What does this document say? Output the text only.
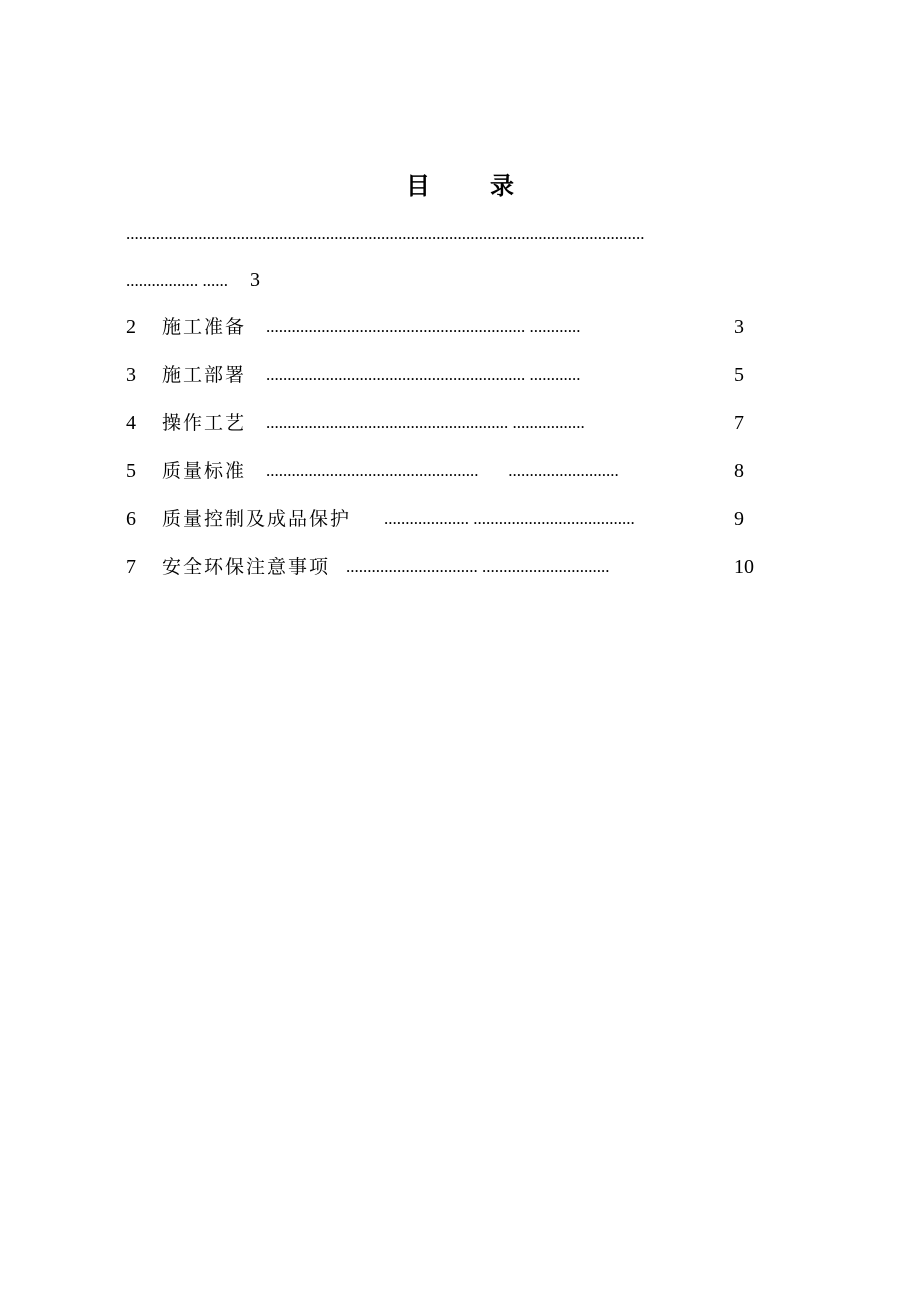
目	录
..........................................................................................................................
................. ...... 3
2 施工准备 ............................................................. ............	3
3 施工部署 ............................................................. ............	5
4 操作工艺 ......................................................... .................	7
5 质量标准 ..................................................       ..........................	8
6 质量控制及成品保护 .................... ......................................	9
7 安全环保注意事项 ............................... ..............................	10
